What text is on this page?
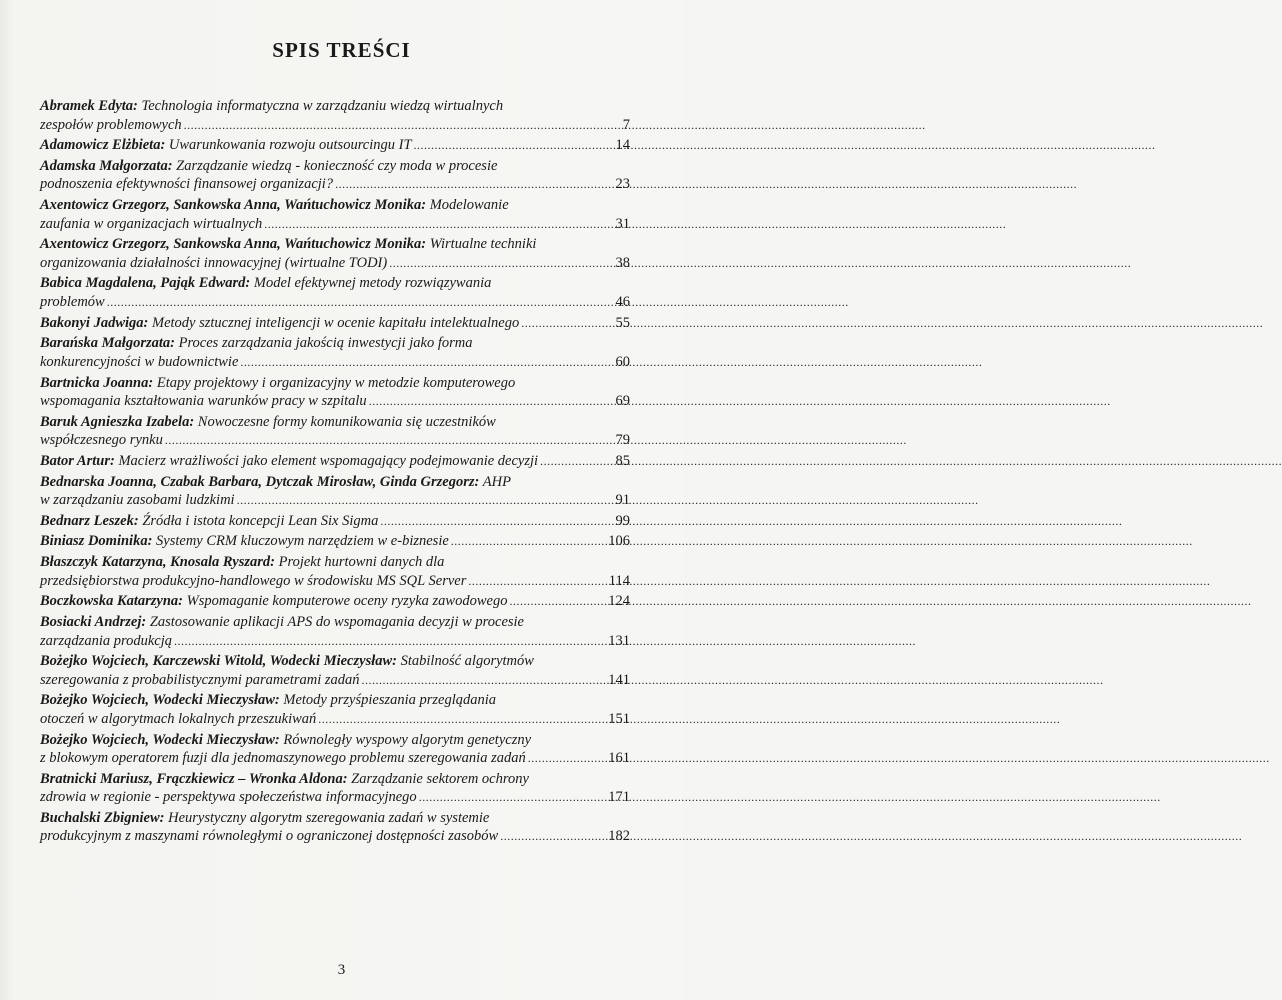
SPIS TREŚCI
Abramek Edyta: Technologia informatyczna w zarządzaniu wiedzą wirtualnych
zespołów problemowych .....	7
Adamowicz Elżbieta: Uwarunkowania rozwoju outsourcingu IT .....	14
Adamska Małgorzata: Zarządzanie wiedzą - konieczność czy moda w procesie
podnoszenia efektywności finansowej organizacji? .....	23
Axentowicz Grzegorz, Sankowska Anna, Wańtuchowicz Monika: Modelowanie
zaufania w organizacjach wirtualnych .....	31
Axentowicz Grzegorz, Sankowska Anna, Wańtuchowicz Monika: Wirtualne techniki
organizowania działalności innowacyjnej (wirtualne TODI) .....	38
Babica Magdalena, Pająk Edward: Model efektywnej metody rozwiązywania
problemów .....	46
Bakonyi Jadwiga: Metody sztucznej inteligencji w ocenie kapitału intelektualnego .....	55
Barańska Małgorzata: Proces zarządzania jakością inwestycji jako forma
konkurencyjności w budownictwie .....	60
Bartnicka Joanna: Etapy projektowy i organizacyjny w metodzie komputerowego
wspomagania kształtowania warunków pracy w szpitalu .....	69
Baruk Agnieszka Izabela: Nowoczesne formy komunikowania się uczestników
współczesnego rynku .....	79
Bator Artur: Macierz wrażliwości jako element wspomagający podejmowanie decyzji .....	85
Bednarska Joanna, Czabak Barbara, Dytczak Mirosław, Ginda Grzegorz: AHP
w zarządzaniu zasobami ludzkimi .....	91
Bednarz Leszek: Źródła i istota koncepcji Lean Six Sigma .....	99
Biniasz Dominika: Systemy CRM kluczowym narzędziem w e-biznesie .....	106
Błaszczyk Katarzyna, Knosala Ryszard: Projekt hurtowni danych dla
przedsiębiorstwa produkcyjno-handlowego w środowisku MS SQL Server .....	114
Boczkowska Katarzyna: Wspomaganie komputerowe oceny ryzyka zawodowego .....	124
Bosiacki Andrzej: Zastosowanie aplikacji APS do wspomagania decyzji w procesie
zarządzania produkcją .....	131
Bożejko Wojciech, Karczewski Witold, Wodecki Mieczysław: Stabilność algorytmów
szeregowania z probabilistycznymi parametrami zadań .....	141
Bożejko Wojciech, Wodecki Mieczysław: Metody przyśpieszania przeglądania
otoczeń w algorytmach lokalnych przeszukiwań .....	151
Bożejko Wojciech, Wodecki Mieczysław: Równoległy wyspowy algorytm genetyczny
z blokowym operatorem fuzji dla jednomaszynowego problemu szeregowania zadań .....	161
Bratnicki Mariusz, Frączkiewicz – Wronka Aldona: Zarządzanie sektorem ochrony
zdrowia w regionie - perspektywa społeczeństwa informacyjnego .....	171
Buchalski Zbigniew: Heurystyczny algorytm szeregowania zadań w systemie
produkcyjnym z maszynami równoległymi o ograniczonej dostępności zasobów .....	182
3
